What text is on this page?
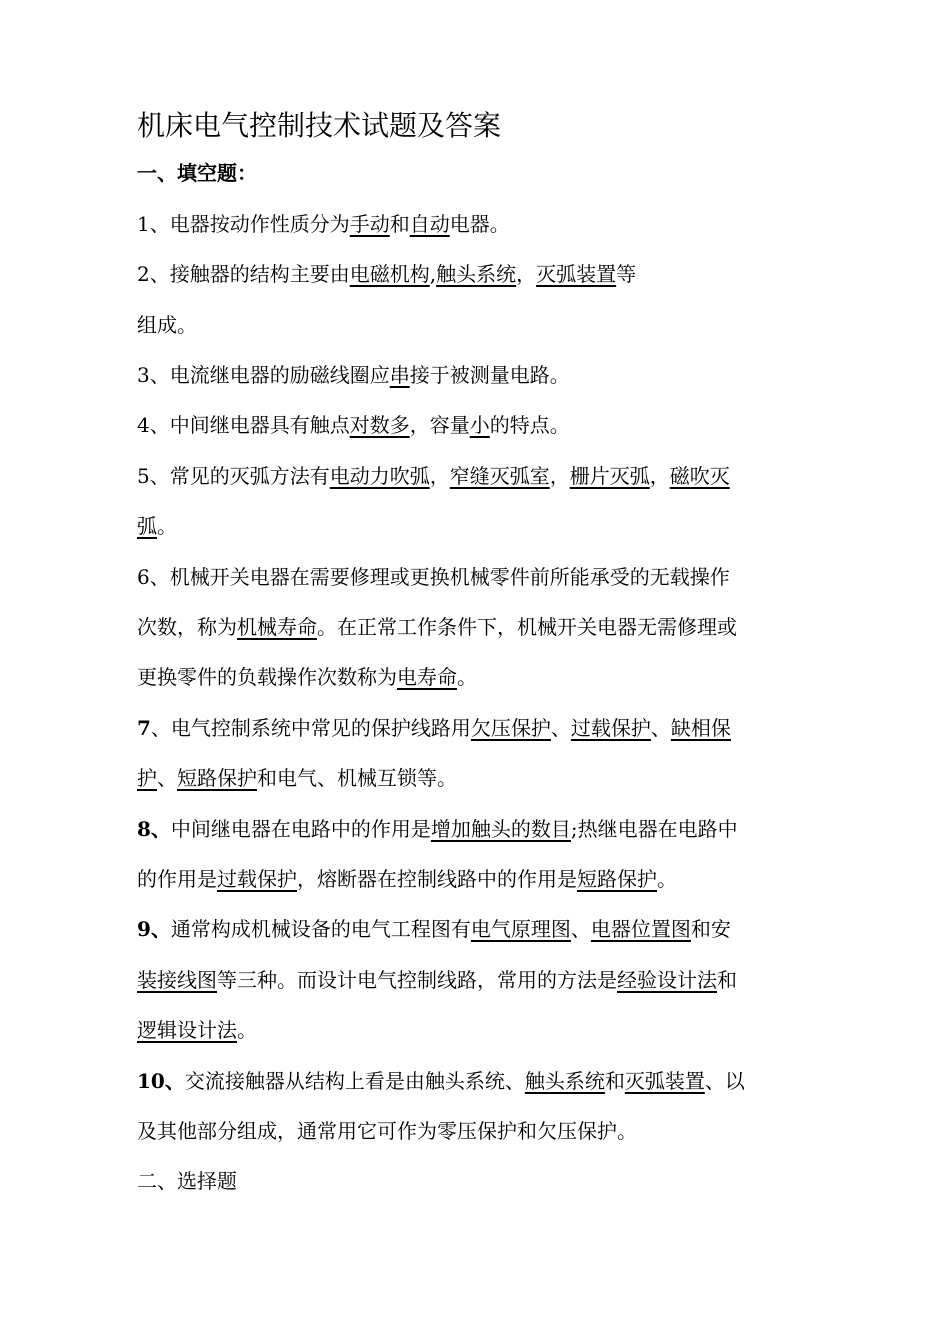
机床电气控制技术试题及答案
一、填空题：
1、电器按动作性质分为手动和自动电器。
2、接触器的结构主要由电磁机构,触头系统，灭弧装置等
组成。
3、电流继电器的励磁线圈应串接于被测量电路。
4、中间继电器具有触点对数多，容量小的特点。
5、常见的灭弧方法有电动力吹弧，窄缝灭弧室，栅片灭弧，磁吹灭
弧。
6、机械开关电器在需要修理或更换机械零件前所能承受的无载操作
次数，称为机械寿命。在正常工作条件下，机械开关电器无需修理或
更换零件的负载操作次数称为电寿命。
7、电气控制系统中常见的保护线路用欠压保护、过载保护、缺相保
护、短路保护和电气、机械互锁等。
8、中间继电器在电路中的作用是增加触头的数目;热继电器在电路中
的作用是过载保护，熔断器在控制线路中的作用是短路保护。
9、通常构成机械设备的电气工程图有电气原理图、电器位置图和安
装接线图等三种。而设计电气控制线路，常用的方法是经验设计法和
逻辑设计法。
10、交流接触器从结构上看是由触头系统、触头系统和灭弧装置、以
及其他部分组成，通常用它可作为零压保护和欠压保护。
二、选择题
